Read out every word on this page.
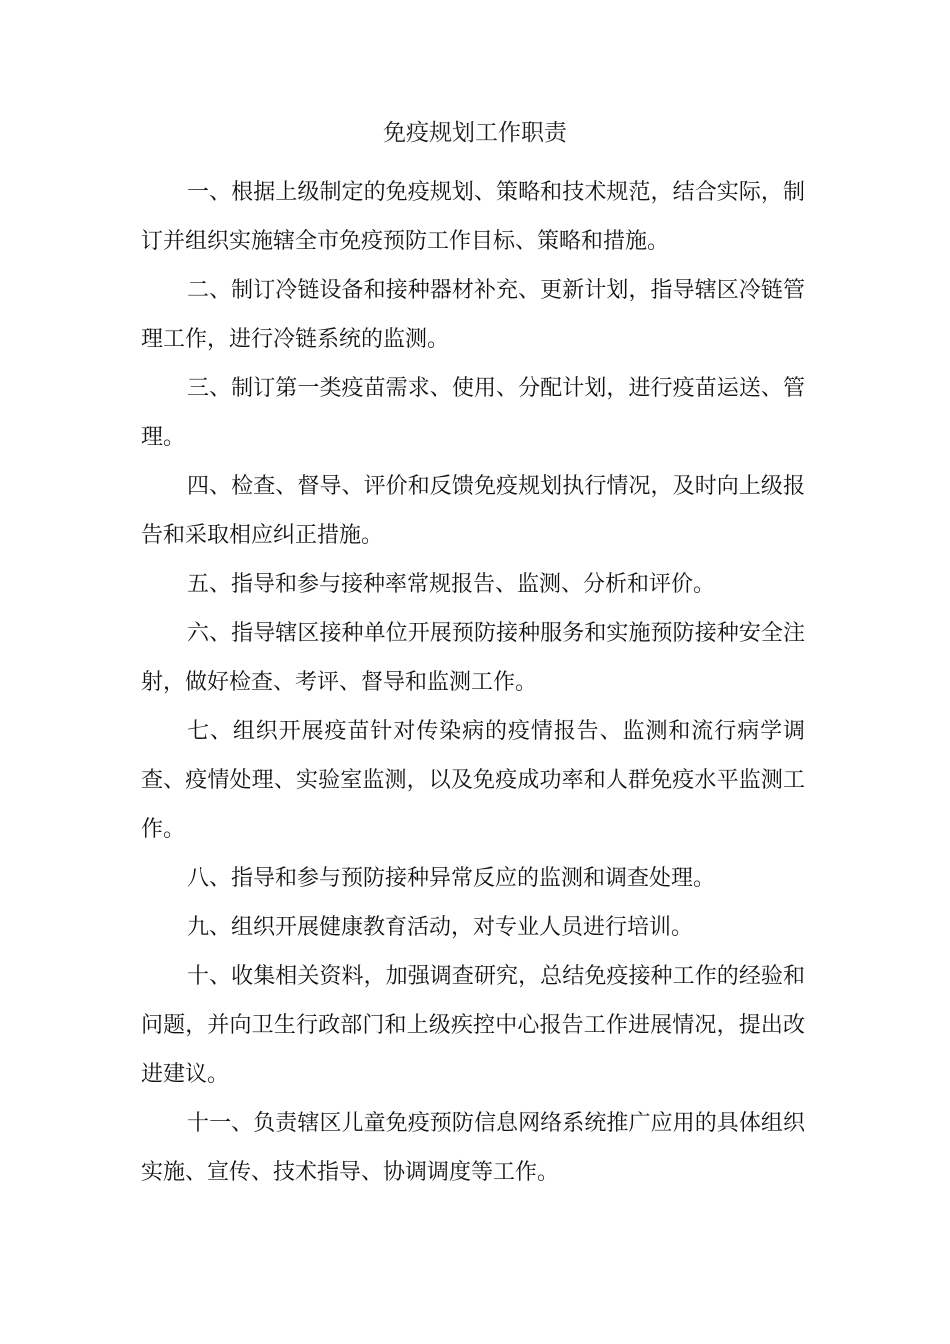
免疫规划工作职责

一、根据上级制定的免疫规划、策略和技术规范，结合实际，制订并组织实施辖全市免疫预防工作目标、策略和措施。

二、制订冷链设备和接种器材补充、更新计划，指导辖区冷链管理工作，进行冷链系统的监测。

三、制订第一类疫苗需求、使用、分配计划，进行疫苗运送、管理。

四、检查、督导、评价和反馈免疫规划执行情况，及时向上级报告和采取相应纠正措施。

五、指导和参与接种率常规报告、监测、分析和评价。

六、指导辖区接种单位开展预防接种服务和实施预防接种安全注射，做好检查、考评、督导和监测工作。

七、组织开展疫苗针对传染病的疫情报告、监测和流行病学调查、疫情处理、实验室监测，以及免疫成功率和人群免疫水平监测工作。

八、指导和参与预防接种异常反应的监测和调查处理。

九、组织开展健康教育活动，对专业人员进行培训。

十、收集相关资料，加强调查研究，总结免疫接种工作的经验和问题，并向卫生行政部门和上级疾控中心报告工作进展情况，提出改进建议。

十一、负责辖区儿童免疫预防信息网络系统推广应用的具体组织实施、宣传、技术指导、协调调度等工作。
